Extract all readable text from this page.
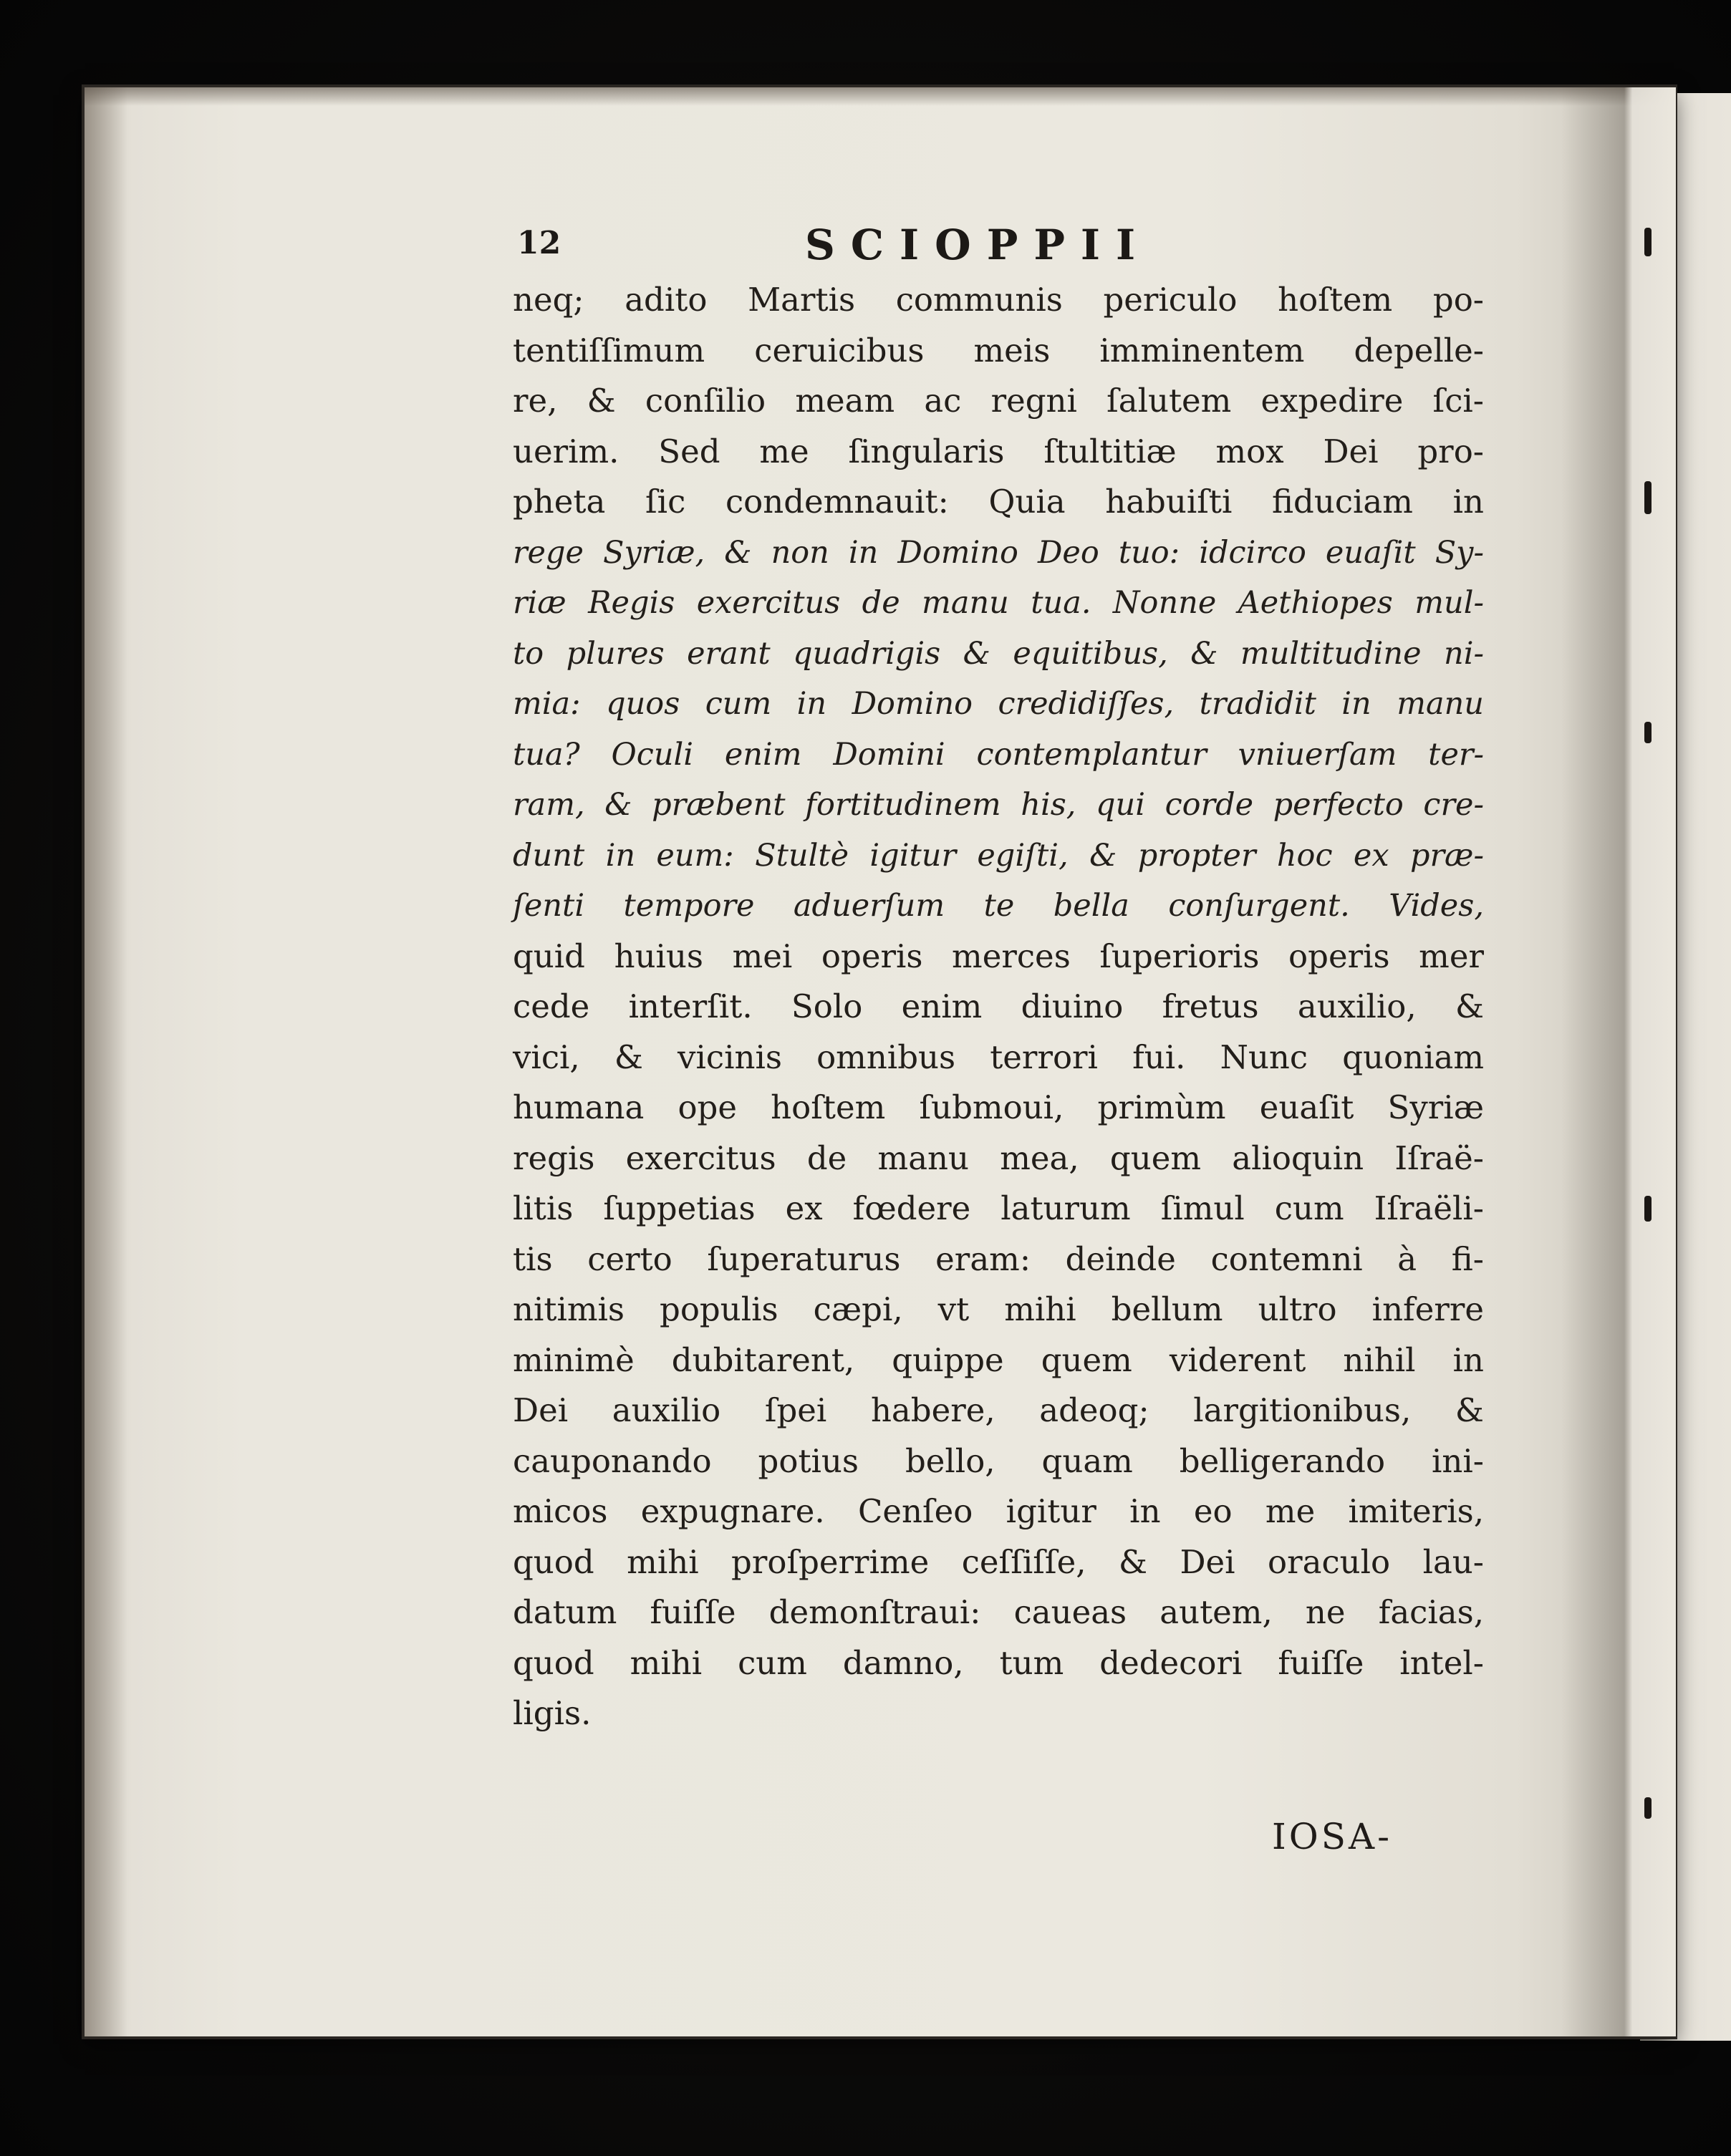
12	SCIOPPII
neq; adito Martis communis periculo hoſtem po-
tentiſſimum ceruicibus meis imminentem depelle-
re, & conſilio meam ac regni ſalutem expedire ſci-
uerim. Sed me ſingularis ſtultitiæ mox Dei pro-
pheta ſic condemnauit: Quia habuiſti fiduciam in
rege Syriæ, & non in Domino Deo tuo: idcirco euaſit Sy-
riæ Regis exercitus de manu tua. Nonne Aethiopes mul-
to plures erant quadrigis & equitibus, & multitudine ni-
mia: quos cum in Domino credidiſſes, tradidit in manu
tua? Oculi enim Domini contemplantur vniuerſam ter-
ram, & præbent fortitudinem his, qui corde perfecto cre-
dunt in eum: Stultè igitur egiſti, & propter hoc ex præ-
ſenti tempore aduerſum te bella conſurgent. Vides,
quid huius mei operis merces ſuperioris operis mer
cede interſit. Solo enim diuino fretus auxilio, &
vici, & vicinis omnibus terrori fui. Nunc quoniam
humana ope hoſtem ſubmoui, primùm euaſit Syriæ
regis exercitus de manu mea, quem alioquin Iſraë-
litis ſuppetias ex fœdere laturum ſimul cum Iſraëli-
tis certo ſuperaturus eram: deinde contemni à fi-
nitimis populis cæpi, vt mihi bellum ultro inferre
minimè dubitarent, quippe quem viderent nihil in
Dei auxilio ſpei habere, adeoq; largitionibus, &
cauponando potius bello, quam belligerando ini-
micos expugnare. Cenſeo igitur in eo me imiteris,
quod mihi proſperrime ceſſiſſe, & Dei oraculo lau-
datum fuiſſe demonſtraui: caueas autem, ne facias,
quod mihi cum damno, tum dedecori fuiſſe intel-
ligis.
IOSA-
